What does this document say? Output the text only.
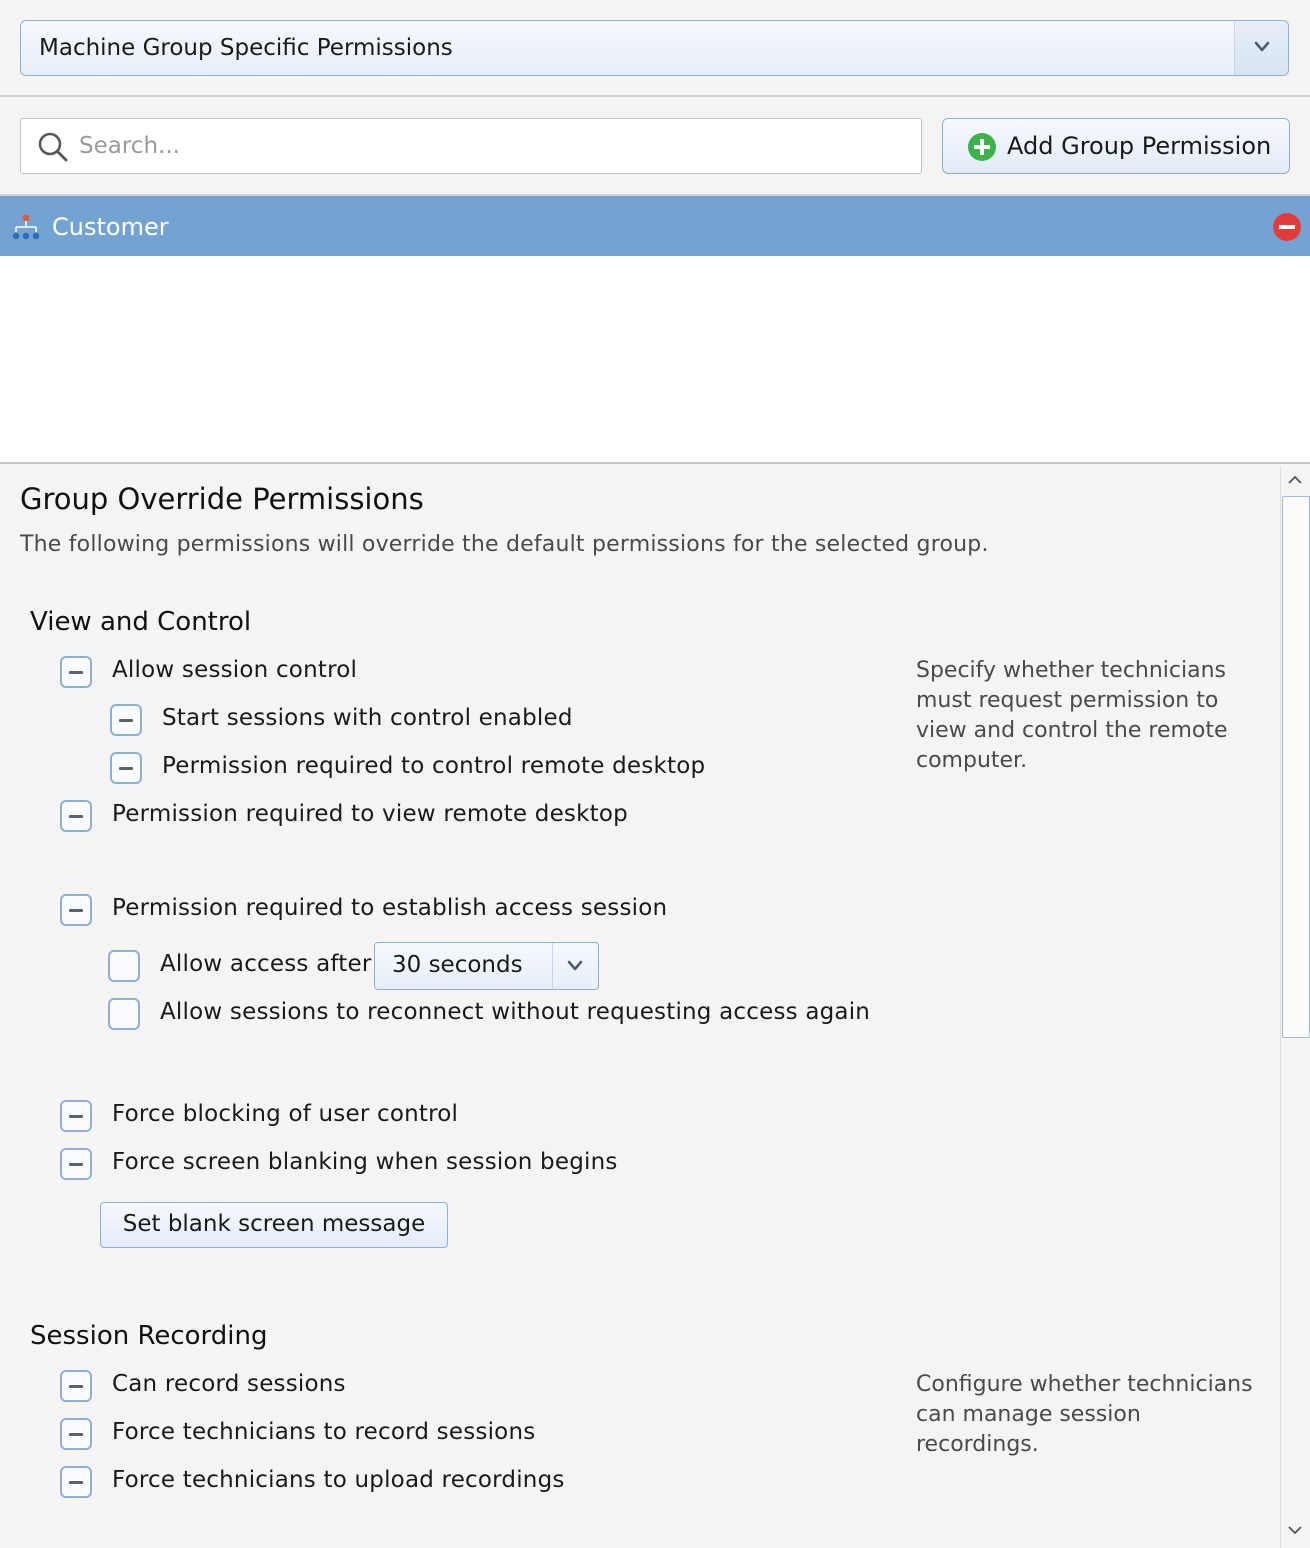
Machine Group Specific Permissions
Search...
Add Group Permission
Customer
Group Override Permissions
The following permissions will override the default permissions for the selected group.
View and Control
Specify whether technicians must request permission to view and control the remote computer.
Allow session control
Start sessions with control enabled
Permission required to control remote desktop
Permission required to view remote desktop
Permission required to establish access session
Allow access after
Allow sessions to reconnect without requesting access again
Force blocking of user control
Force screen blanking when session begins
Session Recording
Configure whether technicians can manage session recordings.
Can record sessions
Force technicians to record sessions
Force technicians to upload recordings
30 seconds
Set blank screen message
